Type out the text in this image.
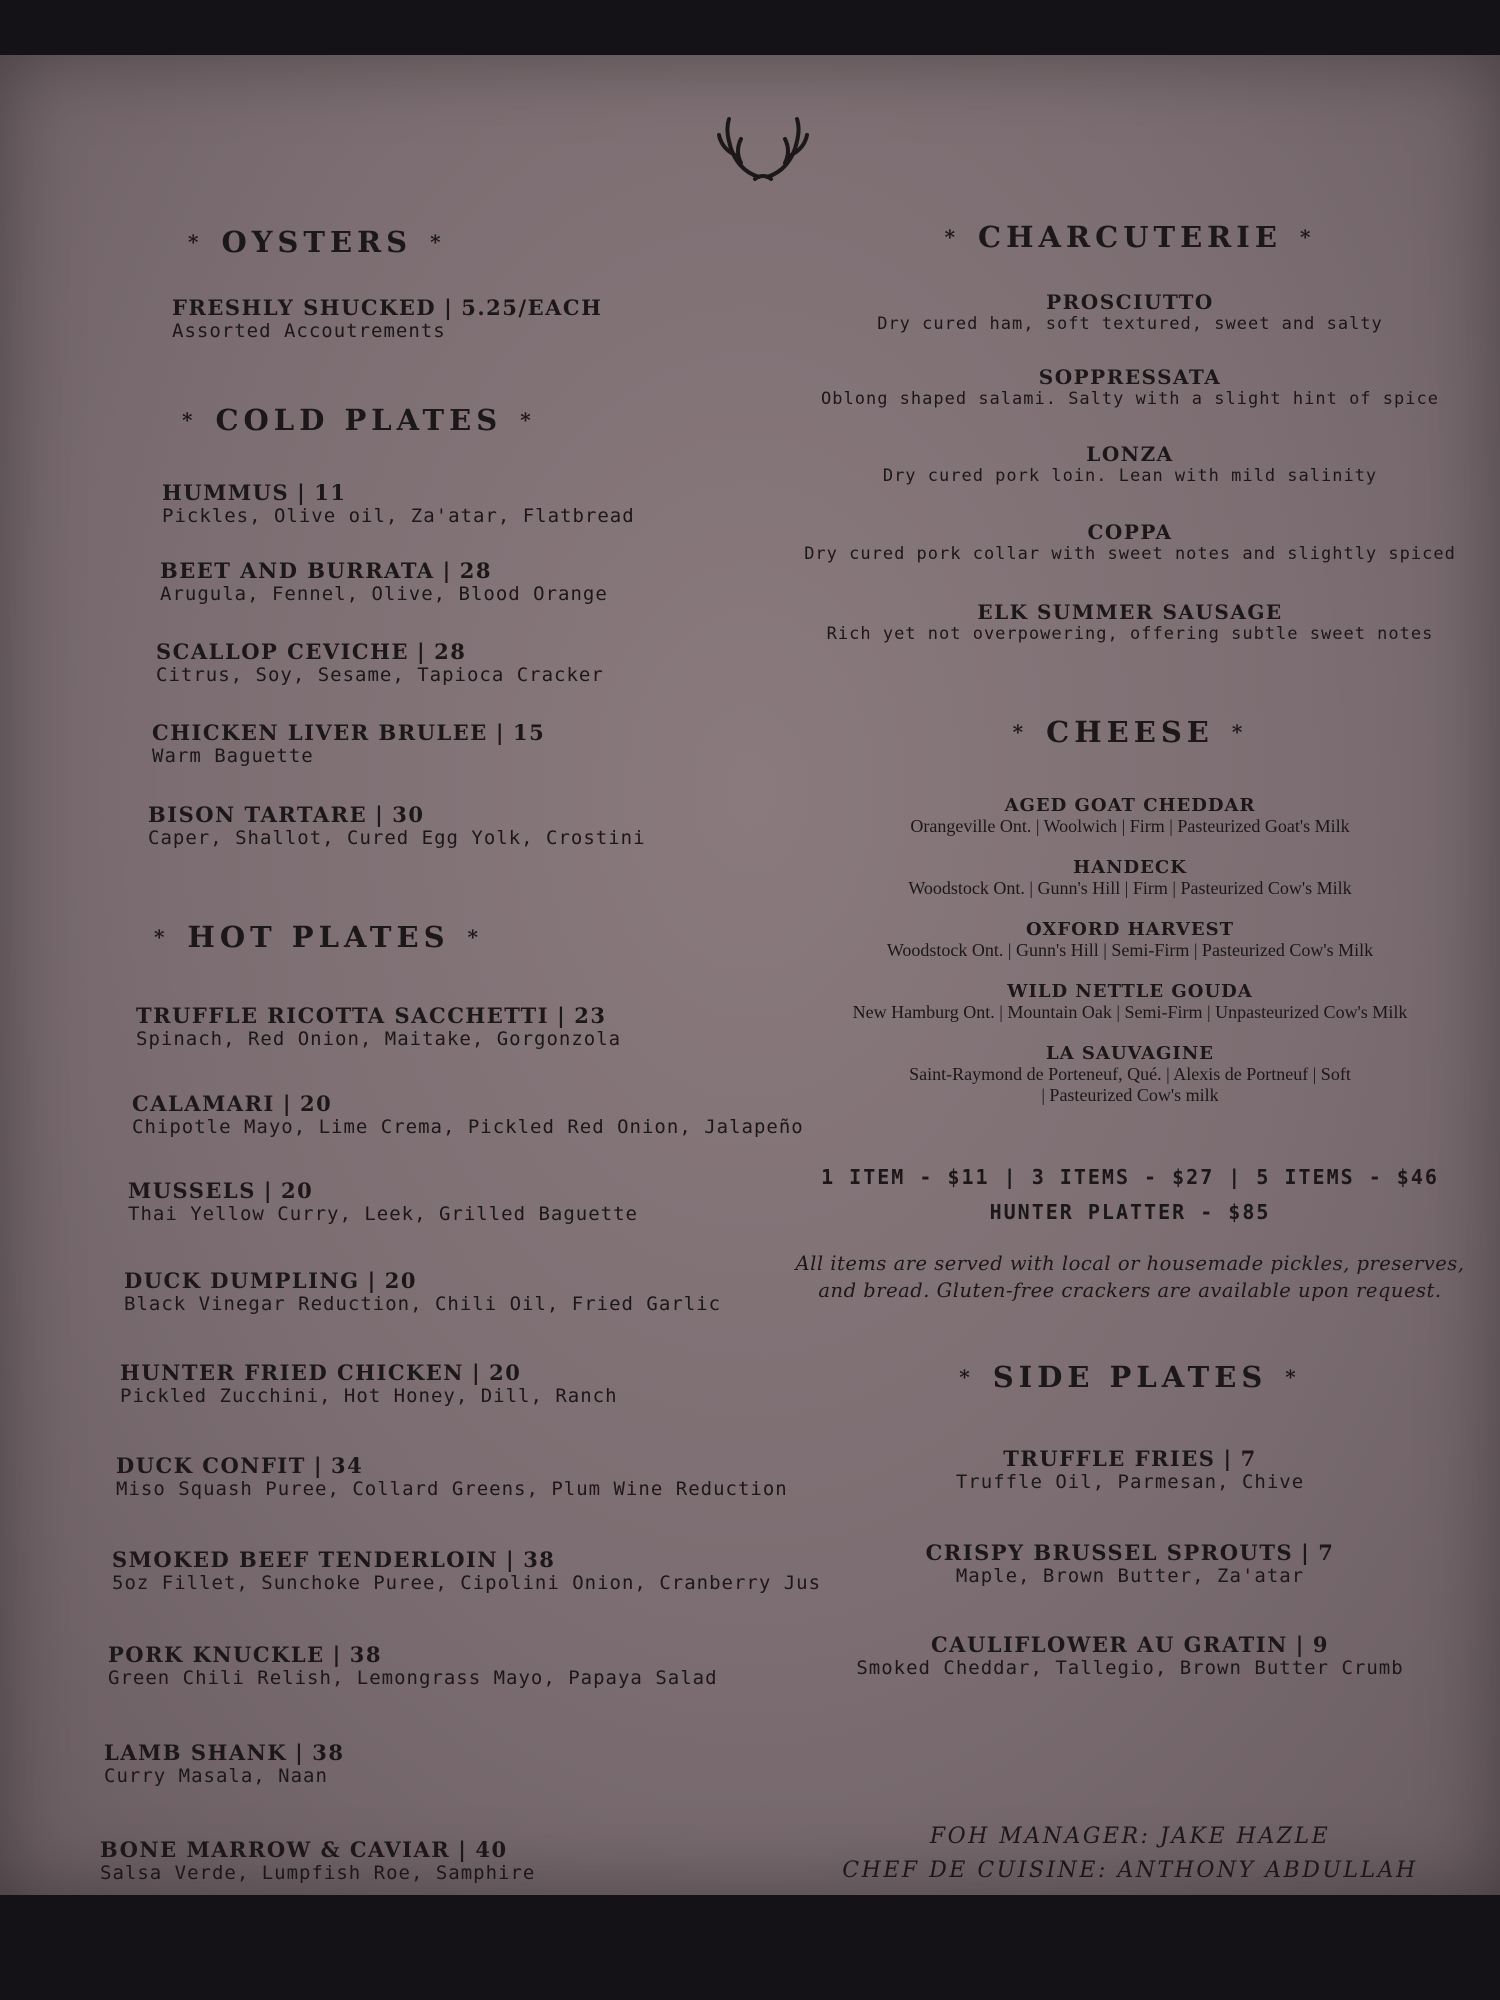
* OYSTERS *
FRESHLY SHUCKED | 5.25/EACH
Assorted Accoutrements
* COLD PLATES *
HUMMUS | 11
Pickles, Olive oil, Za'atar, Flatbread
BEET AND BURRATA | 28
Arugula, Fennel, Olive, Blood Orange
SCALLOP CEVICHE | 28
Citrus, Soy, Sesame, Tapioca Cracker
CHICKEN LIVER BRULEE | 15
Warm Baguette
BISON TARTARE | 30
Caper, Shallot, Cured Egg Yolk, Crostini
* HOT PLATES *
TRUFFLE RICOTTA SACCHETTI | 23
Spinach, Red Onion, Maitake, Gorgonzola
CALAMARI | 20
Chipotle Mayo, Lime Crema, Pickled Red Onion, Jalapeño
MUSSELS | 20
Thai Yellow Curry, Leek, Grilled Baguette
DUCK DUMPLING | 20
Black Vinegar Reduction, Chili Oil, Fried Garlic
HUNTER FRIED CHICKEN | 20
Pickled Zucchini, Hot Honey, Dill, Ranch
DUCK CONFIT | 34
Miso Squash Puree, Collard Greens, Plum Wine Reduction
SMOKED BEEF TENDERLOIN | 38
5oz Fillet, Sunchoke Puree, Cipolini Onion, Cranberry Jus
PORK KNUCKLE | 38
Green Chili Relish, Lemongrass Mayo, Papaya Salad
LAMB SHANK | 38
Curry Masala, Naan
BONE MARROW & CAVIAR | 40
Salsa Verde, Lumpfish Roe, Samphire
* CHARCUTERIE *
PROSCIUTTO
Dry cured ham, soft textured, sweet and salty
SOPPRESSATA
Oblong shaped salami. Salty with a slight hint of spice
LONZA
Dry cured pork loin. Lean with mild salinity
COPPA
Dry cured pork collar with sweet notes and slightly spiced
ELK SUMMER SAUSAGE
Rich yet not overpowering, offering subtle sweet notes
* CHEESE *
AGED GOAT CHEDDAR
Orangeville Ont. | Woolwich | Firm | Pasteurized Goat's Milk
HANDECK
Woodstock Ont. | Gunn's Hill | Firm | Pasteurized Cow's Milk
OXFORD HARVEST
Woodstock Ont. | Gunn's Hill | Semi-Firm | Pasteurized Cow's Milk
WILD NETTLE GOUDA
New Hamburg Ont. | Mountain Oak | Semi-Firm | Unpasteurized Cow's Milk
LA SAUVAGINE
Saint-Raymond de Porteneuf, Qué. | Alexis de Portneuf | Soft
| Pasteurized Cow's milk
1 ITEM - $11 | 3 ITEMS - $27 | 5 ITEMS - $46
HUNTER PLATTER - $85
All items are served with local or housemade pickles, preserves,
and bread. Gluten-free crackers are available upon request.
* SIDE PLATES *
TRUFFLE FRIES | 7
Truffle Oil, Parmesan, Chive
CRISPY BRUSSEL SPROUTS | 7
Maple, Brown Butter, Za'atar
CAULIFLOWER AU GRATIN | 9
Smoked Cheddar, Tallegio, Brown Butter Crumb
FOH MANAGER: JAKE HAZLE
CHEF DE CUISINE: ANTHONY ABDULLAH
